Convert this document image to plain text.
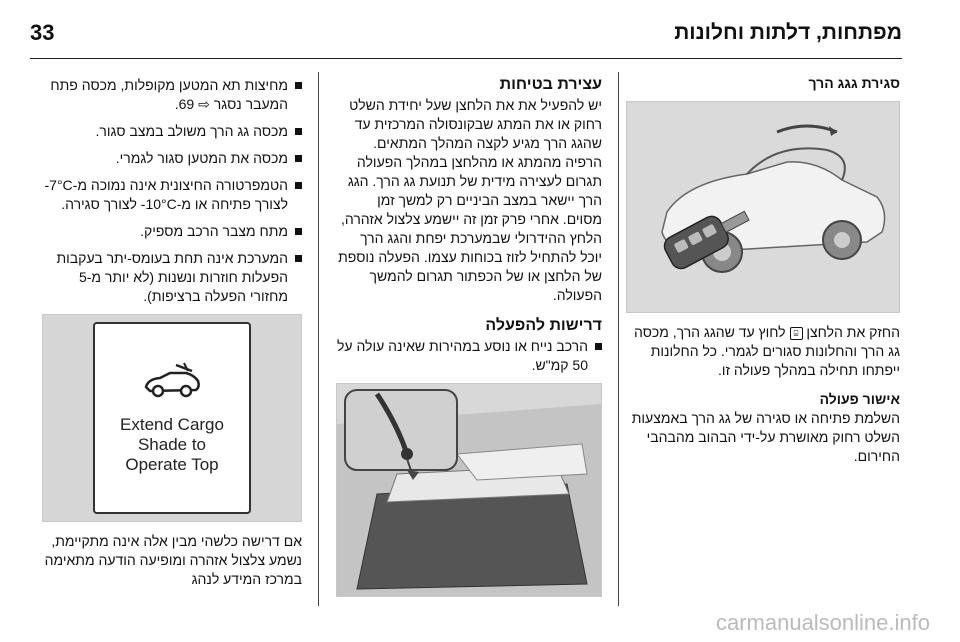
33	מפתחות, דלתות וחלונות
סגירת גגג הרך

החזק את הלחצן ⌸ לחוץ עד שהגג הרך, מכסה גג הרך והחלונות סגורים לגמרי. כל החלונות ייפתחו תחילה במהלך פעולה זו.

אישור פעולה

השלמת פתיחה או סגירה של גג הרך באמצעות השלט רחוק מאושרת על-ידי הבהוב מהבהבי החירום.

עצירת בטיחות

יש להפעיל את את הלחצן שעל יחידת השלט רחוק או את המתג שבקונסולה המרכזית עד שהגג הרך מגיע לקצה המהלך המתאים. הרפיה מהמתג או מהלחצן במהלך הפעולה תגרום לעצירה מידית של תנועת גג הרך. הגג הרך יישאר במצב הביניים רק למשך זמן מסוים. אחרי פרק זמן זה יישמע צלצול אזהרה, הלחץ ההידרולי שבמערכת יפחת והגג הרך יוכל להתחיל לזוז בכוחות עצמו. הפעלה נוספת של הלחצן או של הכפתור תגרום להמשך הפעולה.

דרישות להפעלה
הרכב נייח או נוסע במהירות שאינה עולה על 50 קמ"ש.
מחיצות תא המטען מקופלות, מכסה פתח המעבר נסגר ⇨ 69.
מכסה גג הרך משולב במצב סגור.
מכסה את המטען סגור לגמרי.
הטמפרטורה החיצונית אינה נמוכה מ-7°C- לצורך פתיחה או מ-10°C- לצורך סגירה.
מתח מצבר הרכב מספיק.
המערכת אינה תחת בעומס-יתר בעקבות הפעלות חוזרות ונשנות (לא יותר מ-5 מחזורי הפעלה ברציפות).
Extend Cargo
Shade to
Operate Top

אם דרישה כלשהי מבין אלה אינה מתקיימת, נשמע צלצול אזהרה ומופיעה הודעה מתאימה במרכז המידע לנהג

carmanualsonline.info
